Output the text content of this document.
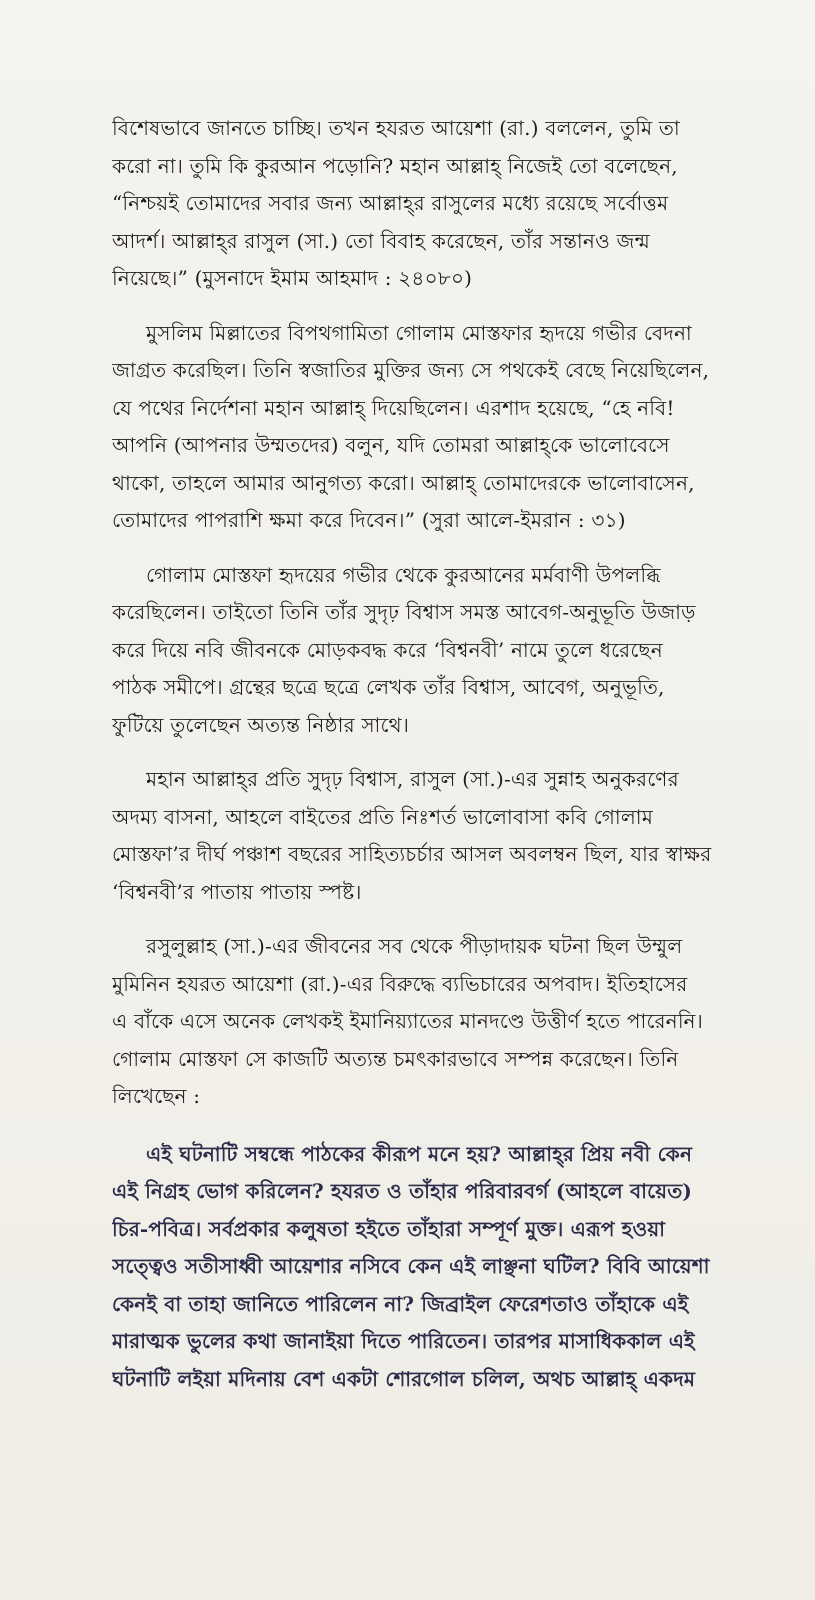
বিশেষভাবে জানতে চাচ্ছি। তখন হযরত আয়েশা (রা.) বললেন, তুমি তা
করো না। তুমি কি কুরআন পড়োনি? মহান আল্লাহ্ নিজেই তো বলেছেন,
“নিশ্চয়ই তোমাদের সবার জন্য আল্লাহ্‌র রাসুলের মধ্যে রয়েছে সর্বোত্তম
আদর্শ। আল্লাহ্‌র রাসুল (সা.) তো বিবাহ করেছেন, তাঁর সন্তানও জন্ম
নিয়েছে।” (মুসনাদে ইমাম আহমাদ : ২৪০৮০)
মুসলিম মিল্লাতের বিপথগামিতা গোলাম মোস্তফার হৃদয়ে গভীর বেদনা
জাগ্রত করেছিল। তিনি স্বজাতির মুক্তির জন্য সে পথকেই বেছে নিয়েছিলেন,
যে পথের নির্দেশনা মহান আল্লাহ্ দিয়েছিলেন। এরশাদ হয়েছে, “হে নবি!
আপনি (আপনার উম্মতদের) বলুন, যদি তোমরা আল্লাহ্‌কে ভালোবেসে
থাকো, তাহলে আমার আনুগত্য করো। আল্লাহ্ তোমাদেরকে ভালোবাসেন,
তোমাদের পাপরাশি ক্ষমা করে দিবেন।” (সুরা আলে-ইমরান : ৩১)
গোলাম মোস্তফা হৃদয়ের গভীর থেকে কুরআনের মর্মবাণী উপলব্ধি
করেছিলেন। তাইতো তিনি তাঁর সুদৃঢ় বিশ্বাস সমস্ত আবেগ-অনুভূতি উজাড়
করে দিয়ে নবি জীবনকে মোড়কবদ্ধ করে ‘বিশ্বনবী’ নামে তুলে ধরেছেন
পাঠক সমীপে। গ্রন্থের ছত্রে ছত্রে লেখক তাঁর বিশ্বাস, আবেগ, অনুভূতি,
ফুটিয়ে তুলেছেন অত্যন্ত নিষ্ঠার সাথে।
মহান আল্লাহ্‌র প্রতি সুদৃঢ় বিশ্বাস, রাসুল (সা.)-এর সুন্নাহ অনুকরণের
অদম্য বাসনা, আহলে বাইতের প্রতি নিঃশর্ত ভালোবাসা কবি গোলাম
মোস্তফা’র দীর্ঘ পঞ্চাশ বছরের সাহিত্যচর্চার আসল অবলম্বন ছিল, যার স্বাক্ষর
‘বিশ্বনবী’র পাতায় পাতায় স্পষ্ট।
রসুলুল্লাহ (সা.)-এর জীবনের সব থেকে পীড়াদায়ক ঘটনা ছিল উম্মুল
মুমিনিন হযরত আয়েশা (রা.)-এর বিরুদ্ধে ব্যভিচারের অপবাদ। ইতিহাসের
এ বাঁকে এসে অনেক লেখকই ইমানিয়্যাতের মানদণ্ডে উত্তীর্ণ হতে পারেননি।
গোলাম মোস্তফা সে কাজটি অত্যন্ত চমৎকারভাবে সম্পন্ন করেছেন। তিনি
লিখেছেন :
এই ঘটনাটি সম্বন্ধে পাঠকের কীরূপ মনে হয়? আল্লাহ্‌র প্রিয় নবী কেন
এই নিগ্রহ ভোগ করিলেন? হযরত ও তাঁহার পরিবারবর্গ (আহলে বায়েত)
চির-পবিত্র। সর্বপ্রকার কলুষতা হইতে তাঁহারা সম্পূর্ণ মুক্ত। এরূপ হওয়া
সত্ত্বেও সতীসাধ্বী আয়েশার নসিবে কেন এই লাঞ্ছনা ঘটিল? বিবি আয়েশা
কেনই বা তাহা জানিতে পারিলেন না? জিব্রাইল ফেরেশতাও তাঁহাকে এই
মারাত্মক ভুলের কথা জানাইয়া দিতে পারিতেন। তারপর মাসাধিককাল এই
ঘটনাটি লইয়া মদিনায় বেশ একটা শোরগোল চলিল, অথচ আল্লাহ্ একদম
